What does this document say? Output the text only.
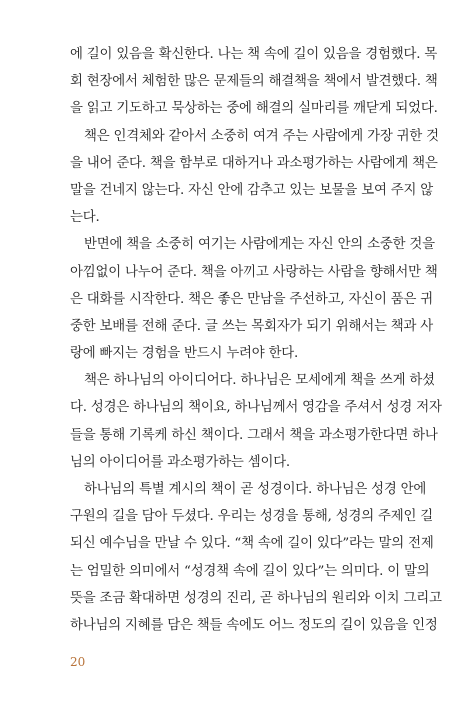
에 길이 있음을 확신한다. 나는 책 속에 길이 있음을 경험했다. 목
회 현장에서 체험한 많은 문제들의 해결책을 책에서 발견했다. 책
을 읽고 기도하고 묵상하는 중에 해결의 실마리를 깨닫게 되었다.
책은 인격체와 같아서 소중히 여겨 주는 사람에게 가장 귀한 것
을 내어 준다. 책을 함부로 대하거나 과소평가하는 사람에게 책은
말을 건네지 않는다. 자신 안에 감추고 있는 보물을 보여 주지 않
는다.
반면에 책을 소중히 여기는 사람에게는 자신 안의 소중한 것을
아낌없이 나누어 준다. 책을 아끼고 사랑하는 사람을 향해서만 책
은 대화를 시작한다. 책은 좋은 만남을 주선하고, 자신이 품은 귀
중한 보배를 전해 준다. 글 쓰는 목회자가 되기 위해서는 책과 사
랑에 빠지는 경험을 반드시 누려야 한다.
책은 하나님의 아이디어다. 하나님은 모세에게 책을 쓰게 하셨
다. 성경은 하나님의 책이요, 하나님께서 영감을 주셔서 성경 저자
들을 통해 기록케 하신 책이다. 그래서 책을 과소평가한다면 하나
님의 아이디어를 과소평가하는 셈이다.
하나님의 특별 계시의 책이 곧 성경이다. 하나님은 성경 안에
구원의 길을 담아 두셨다. 우리는 성경을 통해, 성경의 주제인 길
되신 예수님을 만날 수 있다. “책 속에 길이 있다”라는 말의 전제
는 엄밀한 의미에서 “성경책 속에 길이 있다”는 의미다. 이 말의
뜻을 조금 확대하면 성경의 진리, 곧 하나님의 원리와 이치 그리고
하나님의 지혜를 담은 책들 속에도 어느 정도의 길이 있음을 인정
20
